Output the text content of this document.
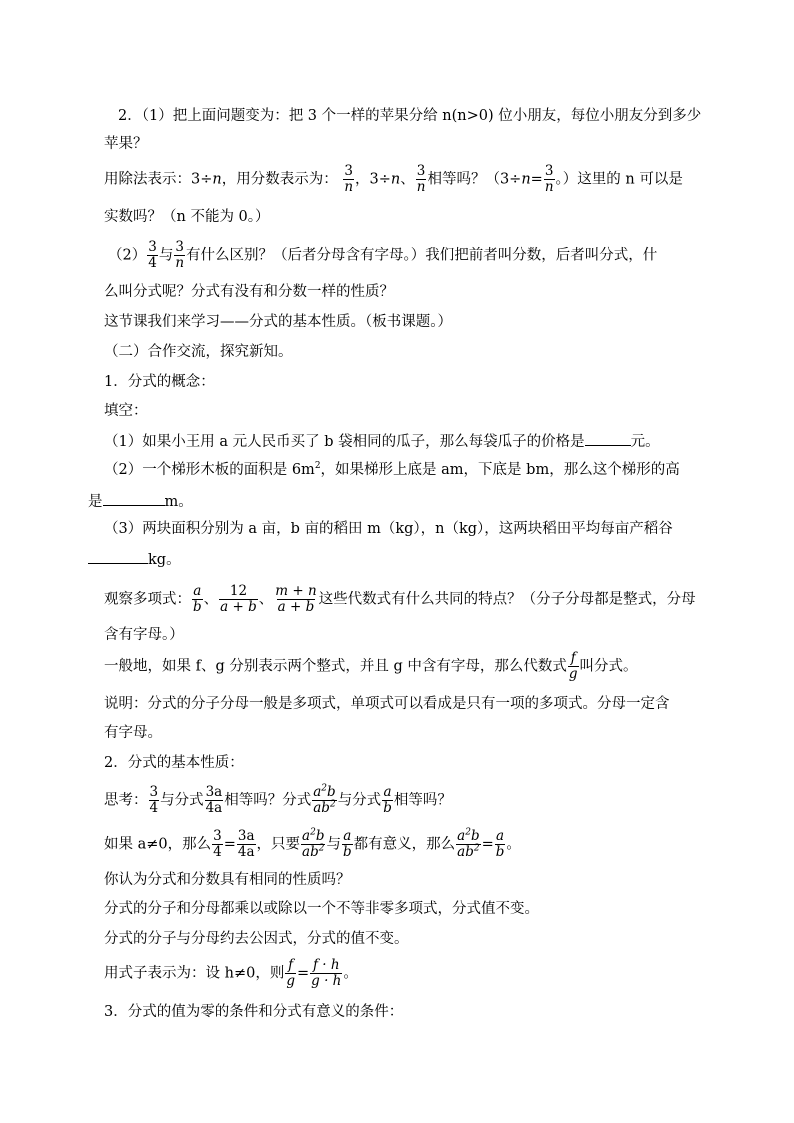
2．（1）把上面问题变为：把 3 个一样的苹果分给 n(n>0) 位小朋友，每位小朋友分到多少
苹果？
用除法表示：3÷n，用分数表示为： $\frac{3}{n}$ ，3÷n、 $\frac{3}{n}$ 相等吗？（$3\div n= \frac{3}{n}$ 。）这里的 n 可以是
实数吗？（n 不能为 0。）
$(2) \frac{3}{4}$ 与 $\frac{3}{n}$ 有什么区别？（后者分母含有字母。）我们把前者叫分数，后者叫分式，什
么叫分式呢？分式有没有和分数一样的性质？
这节课我们来学习——分式的基本性质。（板书课题。）
（二）合作交流，探究新知。
1．分式的概念：
填空：
（1）如果小王用 a 元人民币买了 b 袋相同的瓜子，那么每袋瓜子的价格是	元。
（2）一个梯形木板的面积是 $6m^2$，如果梯形上底是 am，下底是 bm，那么这个梯形的高
是	m。
（3）两块面积分别为 a 亩，b 亩的稻田 m（kg），n（kg），这两块稻田平均每亩产稻谷
kg。
观察多项式： $\frac{a}{b}$ 、 $\frac{12}{a + b}$ 、 $\frac{m + n}{a + b}$ 这些代数式有什么共同的特点？（分子分母都是整式，分母
含有字母。）
一般地，如果 f、g 分别表示两个整式，并且 g 中含有字母，那么代数式 $\frac{f}{g}$ 叫分式。
说明：分式的分子分母一般是多项式，单项式可以看成是只有一项的多项式。分母一定含
有字母。
2．分式的基本性质：
思考： $\frac{3}{4}$ 与分式 $\frac{3a}{4a}$ 相等吗？分式 $\frac{a^2b}{ab^2}$ 与分式 $\frac{a}{b}$ 相等吗？
如果 a≠0，那么 $\frac{3}{4} = \frac{3a}{4a}$ ，只要 $\frac{a^2b}{ab^2}$ 与 $\frac{a}{b}$ 都有意义，那么 $\frac{a^2b}{ab^2} = \frac{a}{b}$ 。
你认为分式和分数具有相同的性质吗？
分式的分子和分母都乘以或除以一个不等非零多项式，分式值不变。
分式的分子与分母约去公因式，分式的值不变。
用式子表示为：设 h≠0，则 $\frac{f}{g} = \frac{f \cdot h}{g \cdot h}$ 。
3．分式的值为零的条件和分式有意义的条件：
